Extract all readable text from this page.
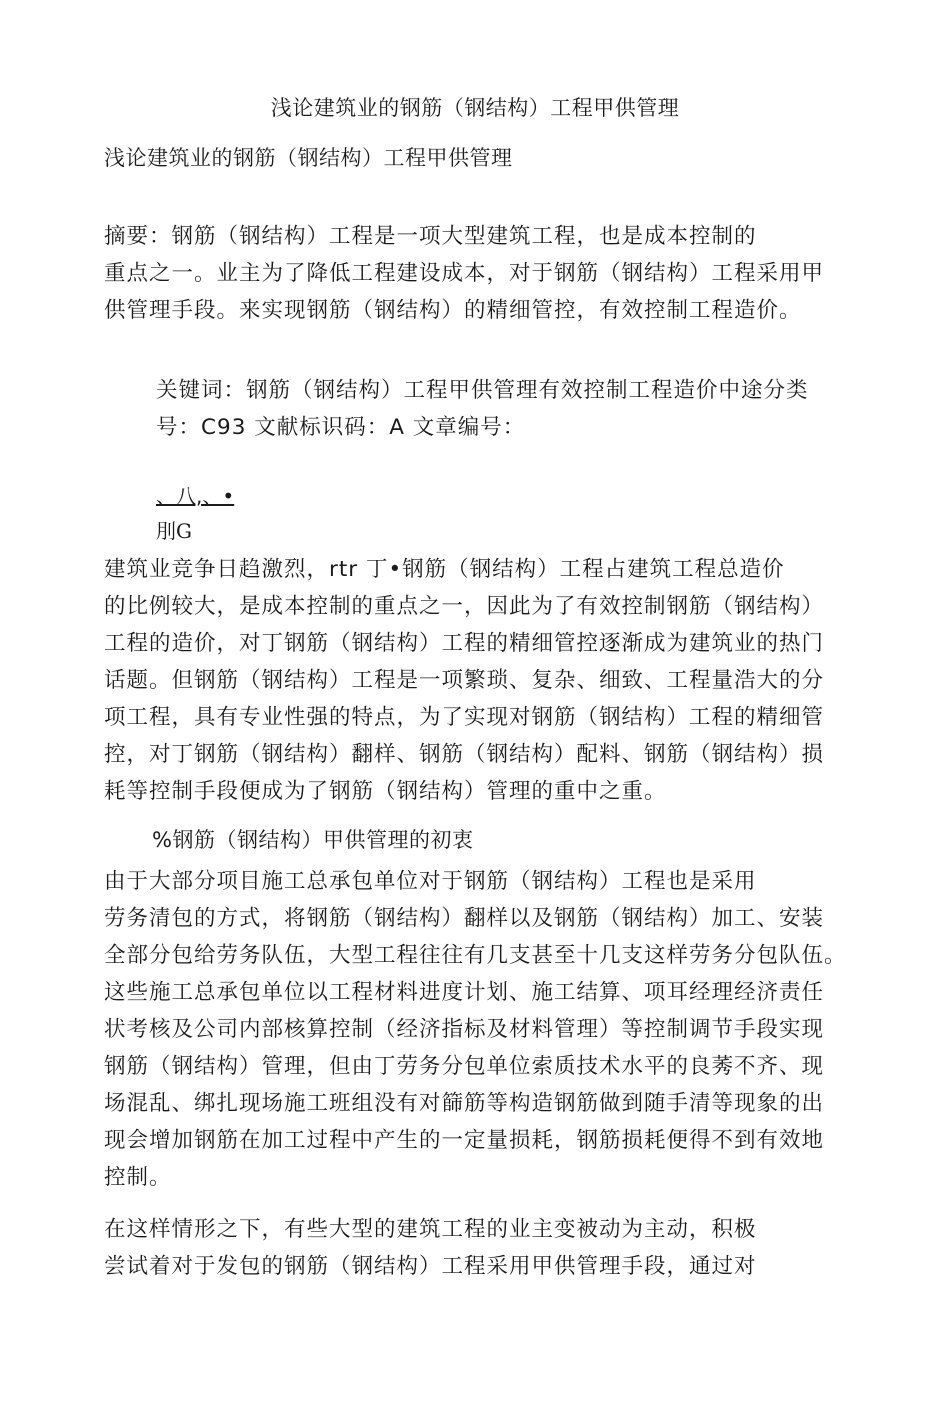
浅论建筑业的钢筋（钢结构）工程甲供管理
浅论建筑业的钢筋（钢结构）工程甲供管理
摘要：钢筋（钢结构）工程是一项大型建筑工程，也是成本控制的
重点之一。业主为了降低工程建设成本，对于钢筋（钢结构）工程采用甲
供管理手段。来实现钢筋（钢结构）的精细管控，有效控制工程造价。
关键词：钢筋（钢结构）工程甲供管理有效控制工程造价中途分类
号：C93 文献标识码：A 文章编号：
、八,、•
刖G
建筑业竞争日趋激烈，rtr 丁•钢筋（钢结构）工程占建筑工程总造价
的比例较大，是成本控制的重点之一，因此为了有效控制钢筋（钢结构）
工程的造价，对丁钢筋（钢结构）工程的精细管控逐渐成为建筑业的热门
话题。但钢筋（钢结构）工程是一项繁琐、复杂、细致、工程量浩大的分
项工程，具有专业性强的特点，为了实现对钢筋（钢结构）工程的精细管
控，对丁钢筋（钢结构）翻样、钢筋（钢结构）配料、钢筋（钢结构）损
耗等控制手段便成为了钢筋（钢结构）管理的重中之重。
%钢筋（钢结构）甲供管理的初衷
由于大部分项目施工总承包单位对于钢筋（钢结构）工程也是采用
劳务清包的方式，将钢筋（钢结构）翻样以及钢筋（钢结构）加工、安装
全部分包给劳务队伍，大型工程往往有几支甚至十几支这样劳务分包队伍。
这些施工总承包单位以工程材料进度计划、施工结算、项耳经理经济责任
状考核及公司内部核算控制（经济指标及材料管理）等控制调节手段实现
钢筋（钢结构）管理，但由丁劳务分包单位索质技术水平的良莠不齐、现
场混乱、绑扎现场施工班组没有对篩筋等构造钢筋做到随手清等现象的出
现会增加钢筋在加工过程中产生的一定量损耗，钢筋损耗便得不到有效地
控制。
在这样情形之下，有些大型的建筑工程的业主变被动为主动，积极
尝试着对于发包的钢筋（钢结构）工程采用甲供管理手段，通过对
